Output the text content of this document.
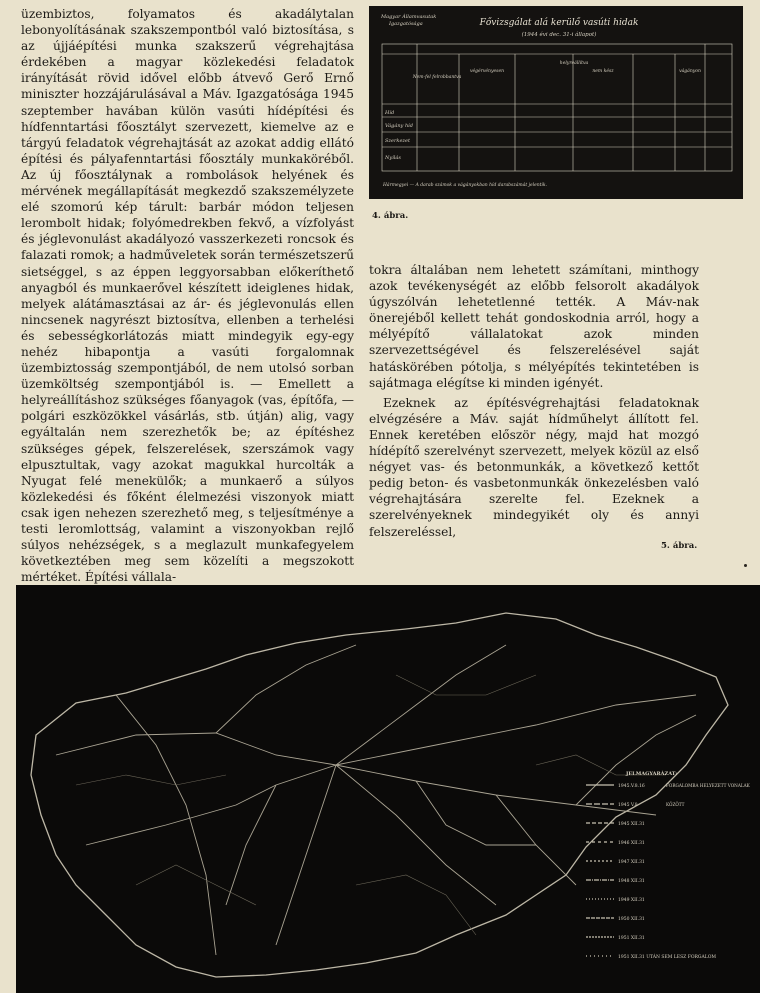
üzembiztos, folyamatos és akadálytalan lebonyolításának szakszempontból való biztosítása, s az újjáépítési munka szakszerű végrehajtása érdekében a magyar közlekedési feladatok irányítását rövid idővel előbb átvevő Gerő Ernő miniszter hozzájárulásával a Máv. Igazgatósága 1945 szeptember havában külön vasúti hídépítési és hídfenntartási főosztályt szervezett, kiemelve az e tárgyú feladatok végrehajtását az azokat addig ellátó építési és pályafenntartási főosztály munkaköréből. Az új főosztálynak a rombolások helyének és mérvének megállapítását megkezdő szakszemélyzete elé szomorú kép tárult: barbár módon teljesen lerombolt hidak; folyómedrekben fekvő, a vízfolyást és jéglevonulást akadályozó vasszerkezeti roncsok és falazati romok; a hadműveletek során természetszerű sietséggel, s az éppen leggyorsabban előkeríthető anyagból és munkaerővel készített ideiglenes hidak, melyek alátámasztásai az ár- és jéglevonulás ellen nincsenek nagyrészt biztosítva, ellenben a terhelési és sebességkorlátozás miatt mindegyik egy-egy nehéz hibapontja a vasúti forgalomnak üzembiztosság szempontjából, de nem utolsó sorban üzemköltség szempontjából is. — Emellett a helyreállításhoz szükséges főanyagok (vas, építőfa, — polgári eszközökkel vásárlás, stb. útján) alig, vagy egyáltalán nem szerezhetők be; az építéshez szükséges gépek, felszerelések, szerszámok vagy elpusztultak, vagy azokat magukkal hurcolták a Nyugat felé menekülők; a munkaerő a súlyos közlekedési és főként élelmezési viszonyok miatt csak igen nehezen szerezhető meg, s teljesítménye a testi leromlottság, valamint a viszonyokban rejlő súlyos nehézségek, s a meglazult munkafegyelem következtében meg sem közelíti a megszokott mértéket. Építési vállala-

Magyar Államvasutak
Igazgatósága	Fővizsgálat alá kerülő vasúti hidak
(1944 évi dec. 31-i állapot)
Nem-fel felrobbantva
végérvényesen
helyreállítva
nem kész	vágányon
Híd
Vágány híd
Szerkezet
Nyílás
Hármegyei — A darab számok a vágányokban híd darabszámát jelentik.
4. ábra.

tokra általában nem lehetett számítani, minthogy azok tevékenységét az előbb felsorolt akadályok úgyszólván lehetetlenné tették. A Máv-nak önerejéből kellett tehát gondoskodnia arról, hogy a mélyépítő vállalatokat azok minden szervezettségével és felszerelésével saját hatáskörében pótolja, s mélyépítés tekintetében is sajátmaga elégítse ki minden igényét.

Ezeknek az építésvégrehajtási feladatoknak elvégzésére a Máv. saját hídműhelyt állított fel. Ennek keretében először négy, majd hat mozgó hídépítő szerelvényt szervezett, melyek közül az első négyet vas- és betonmunkák, a következő kettőt pedig beton- és vasbetonmunkák önkezelésben való végrehajtására szerelte fel. Ezeknek a szerelvényeknek mindegyikét oly és annyi felszereléssel,

5. ábra.
JELMAGYARÁZAT:
1945.V.8.16	FORGALOMBA HELYEZETT VONALAK
1945 V.8	KÖZÖTT
1945 XII.31
1946 XII.31
1947 XII.31
1948 XII.31
1949 XII.31
1950 XII.31
1951 XII.31
1951 XII.31 UTÁN SEM LESZ FORGALOM
